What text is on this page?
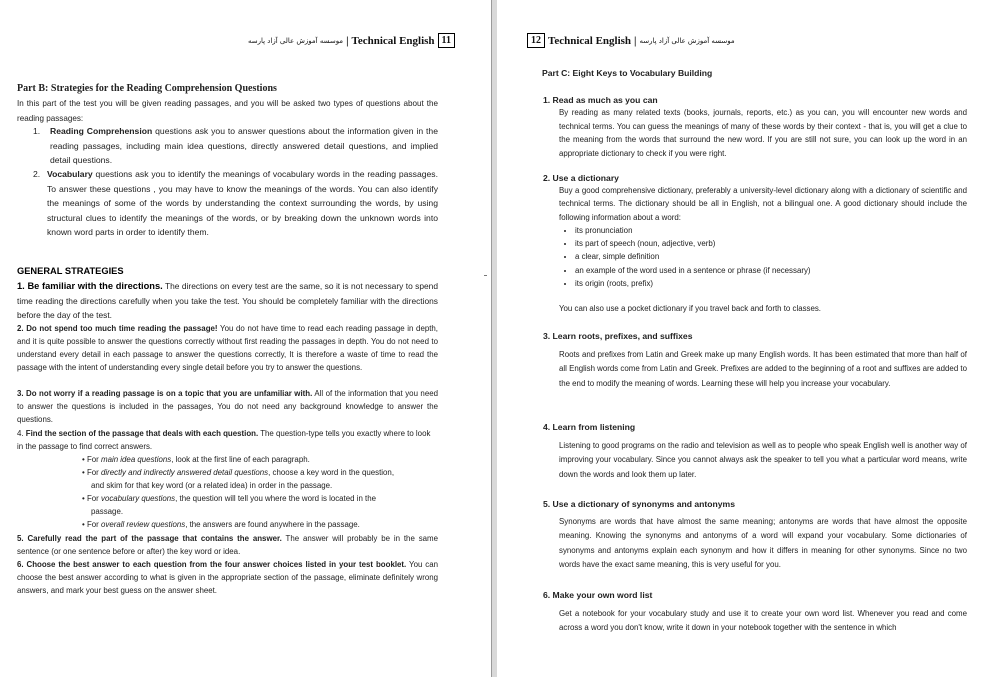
موسسه آموزش عالی آزاد پارسه | Technical English 11
Part B: Strategies for the Reading Comprehension Questions
In this part of the test you will be given reading passages, and you will be asked two types of questions about the reading passages:
1.	Reading Comprehension questions ask you to answer questions about the information given in the reading passages, including main idea questions, directly answered detail questions, and implied detail questions.
2. Vocabulary questions ask you to identify the meanings of vocabulary words in the reading passages. To answer these questions , you may have to know the meanings of the words. You can also identify the meanings of some of the words by understanding the context surrounding the words, by using structural clues to identify the meanings of the words, or by breaking down the unknown words into known word parts in order to identify them.
GENERAL STRATEGIES
1. Be familiar with the directions. The directions on every test are the same, so it is not necessary to spend time reading the directions carefully when you take the test. You should be completely familiar with the directions before the day of the test.
2. Do not spend too much time reading the passage! You do not have time to read each reading passage in depth, and it is quite possible to answer the questions correctly without first reading the passages in depth. You do not need to understand every detail in each passage to answer the questions correctly, It is therefore a waste of time to read the passage with the intent of understanding every single detail before you try to answer the questions.
3. Do not worry if a reading passage is on a topic that you are unfamiliar with. All of the information that you need to answer the questions is included in the passages, You do not need any background knowledge to answer the questions.
4. Find the section of the passage that deals with each question. The question-type tells you exactly where to look in the passage to find correct answers.
• For main idea questions, look at the first line of each paragraph.
• For directly and indirectly answered detail questions, choose a key word in the question, and skim for that key word (or a related idea) in order in the passage.
• For vocabulary questions, the question will tell you where the word is located in the passage.
• For overall review questions, the answers are found anywhere in the passage.
5. Carefully read the part of the passage that contains the answer. The answer will probably be in the same sentence (or one sentence before or after) the key word or idea.
6. Choose the best answer to each question from the four answer choices listed in your test booklet. You can choose the best answer according to what is given in the appropriate section of the passage, eliminate definitely wrong answers, and mark your best guess on the answer sheet.
12 Technical English | موسسه آموزش عالی آزاد پارسه
Part C: Eight Keys to Vocabulary Building
1. Read as much as you can
By reading as many related texts (books, journals, reports, etc.) as you can, you will encounter new words and technical terms. You can guess the meanings of many of these words by their context - that is, you will get a clue to the meaning from the words that surround the new word. If you are still not sure, you can look up the word in an appropriate dictionary to check if you were right.
2. Use a dictionary
Buy a good comprehensive dictionary, preferably a university-level dictionary along with a dictionary of scientific and technical terms. The dictionary should be all in English, not a bilingual one. A good dictionary should include the following information about a word:
• its pronunciation
• its part of speech (noun, adjective, verb)
• a clear, simple definition
• an example of the word used in a sentence or phrase (if necessary)
• its origin (roots, prefix)
You can also use a pocket dictionary if you travel back and forth to classes.
3. Learn roots, prefixes, and suffixes
Roots and prefixes from Latin and Greek make up many English words. It has been estimated that more than half of all English words come from Latin and Greek. Prefixes are added to the beginning of a root and suffixes are added to the end to modify the meaning of words. Learning these will help you increase your vocabulary.
4. Learn from listening
Listening to good programs on the radio and television as well as to people who speak English well is another way of improving your vocabulary. Since you cannot always ask the speaker to tell you what a particular word means, write down the words and look them up later.
5. Use a dictionary of synonyms and antonyms
Synonyms are words that have almost the same meaning; antonyms are words that have almost the opposite meaning. Knowing the synonyms and antonyms of a word will expand your vocabulary. Some dictionaries of synonyms and antonyms explain each synonym and how it differs in meaning for other synonyms. Since no two words have the exact same meaning, this is very useful for you.
6. Make your own word list
Get a notebook for your vocabulary study and use it to create your own word list. Whenever you read and come across a word you don't know, write it down in your notebook together with the sentence in which
